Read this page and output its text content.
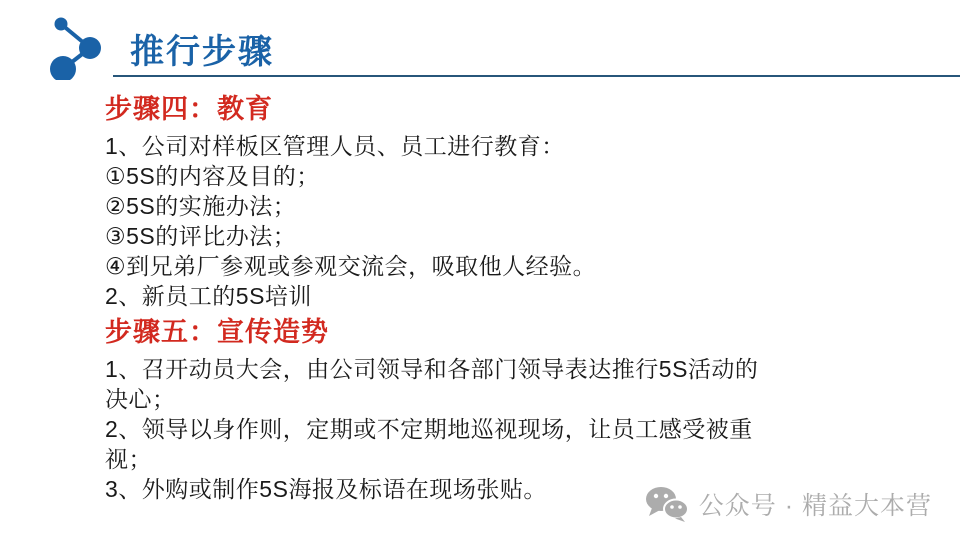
推行步骤
步骤四：教育
1、公司对样板区管理人员、员工进行教育：
①5S的内容及目的；
②5S的实施办法；
③5S的评比办法；
④到兄弟厂参观或参观交流会，吸取他人经验。
2、新员工的5S培训
步骤五：宣传造势
1、召开动员大会，由公司领导和各部门领导表达推行5S活动的
决心；
2、领导以身作则，定期或不定期地巡视现场，让员工感受被重
视；
3、外购或制作5S海报及标语在现场张贴。
公众号 · 精益大本营
